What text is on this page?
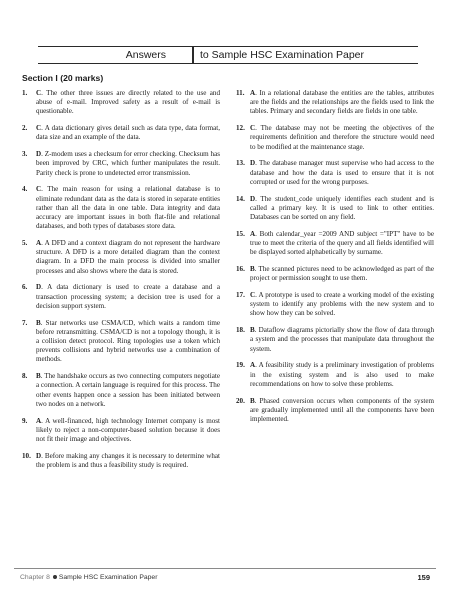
Answers	to Sample HSC Examination Paper
Section I (20 marks)
1. C. The other three issues are directly related to the use and abuse of e-mail. Improved safety as a result of e-mail is questionable.
2. C. A data dictionary gives detail such as data type, data format, data size and an example of the data.
3. D. Z-modem uses a checksum for error checking. Checksum has been improved by CRC, which further manipulates the result. Parity check is prone to undetected error transmission.
4. C. The main reason for using a relational database is to eliminate redundant data as the data is stored in separate entities rather than all the data in one table. Data integrity and data accuracy are important issues in both flat-file and relational databases, and both types of databases store data.
5. A. A DFD and a context diagram do not represent the hardware structure. A DFD is a more detailed diagram than the context diagram. In a DFD the main process is divided into smaller processes and also shows where the data is stored.
6. D. A data dictionary is used to create a database and a transaction processing system; a decision tree is used for a decision support system.
7. B. Star networks use CSMA/CD, which waits a random time before retransmitting. CSMA/CD is not a topology though, it is a collision detect protocol. Ring topologies use a token which prevents collisions and hybrid networks use a combination of methods.
8. B. The handshake occurs as two connecting computers negotiate a connection. A certain language is required for this process. The other events happen once a session has been initiated between two nodes on a network.
9. A. A well-financed, high technology Internet company is most likely to reject a non-computer-based solution because it does not fit their image and objectives.
10. D. Before making any changes it is necessary to determine what the problem is and thus a feasibility study is required.
11. A. In a relational database the entities are the tables, attributes are the fields and the relationships are the fields used to link the tables. Primary and secondary fields are fields in one table.
12. C. The database may not be meeting the objectives of the requirements definition and therefore the structure would need to be modified at the maintenance stage.
13. D. The database manager must supervise who had access to the database and how the data is used to ensure that it is not corrupted or used for the wrong purposes.
14. D. The student_code uniquely identifies each student and is called a primary key. It is used to link to other entities. Databases can be sorted on any field.
15. A. Both calendar_year =2009 AND subject ="IPT" have to be true to meet the criteria of the query and all fields identified will be displayed sorted alphabetically by surname.
16. B. The scanned pictures need to be acknowledged as part of the project or permission sought to use them.
17. C. A prototype is used to create a working model of the existing system to identify any problems with the new system and to show how they can be solved.
18. B. Dataflow diagrams pictorially show the flow of data through a system and the processes that manipulate data throughout the system.
19. A. A feasibility study is a preliminary investigation of problems in the existing system and is also used to make recommendations on how to solve these problems.
20. B. Phased conversion occurs when components of the system are gradually implemented until all the components have been implemented.
Chapter 8 Sample HSC Examination Paper	159
